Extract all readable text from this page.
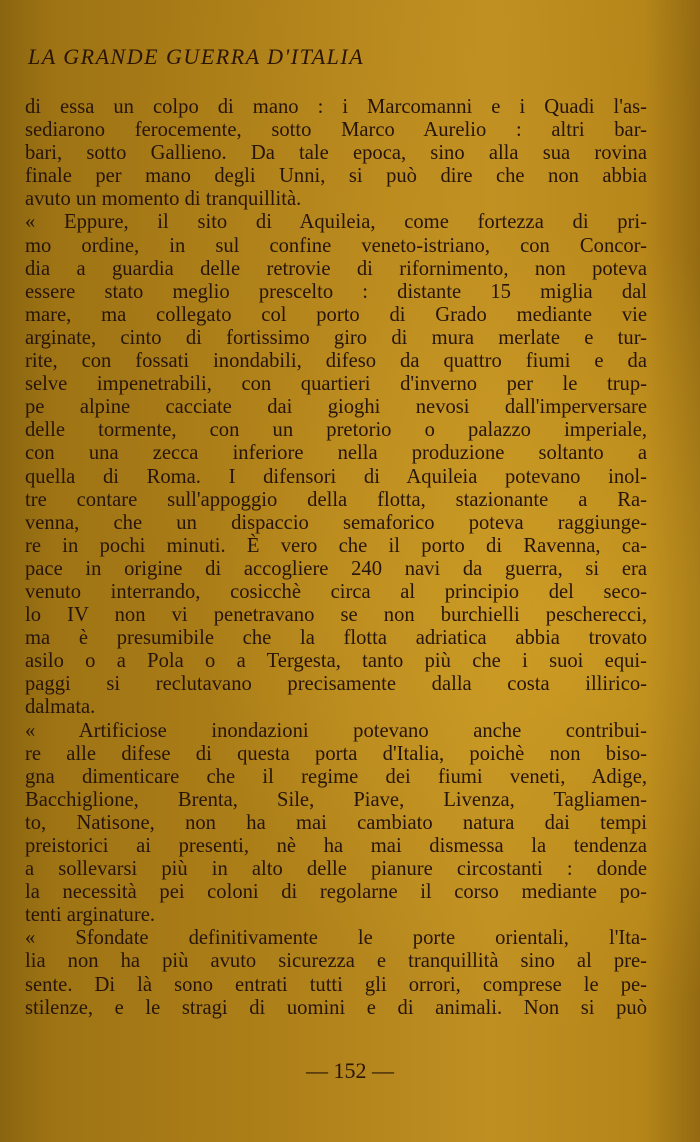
LA GRANDE GUERRA D'ITALIA
di essa un colpo di mano : i Marcomanni e i Quadi l'as-
sediarono ferocemente, sotto Marco Aurelio : altri bar-
bari, sotto Gallieno. Da tale epoca, sino alla sua rovina
finale per mano degli Unni, si può dire che non abbia
avuto un momento di tranquillità.
« Eppure, il sito di Aquileia, come fortezza di pri-
mo ordine, in sul confine veneto-istriano, con Concor-
dia a guardia delle retrovie di rifornimento, non poteva
essere stato meglio prescelto : distante 15 miglia dal
mare, ma collegato col porto di Grado mediante vie
arginate, cinto di fortissimo giro di mura merlate e tur-
rite, con fossati inondabili, difeso da quattro fiumi e da
selve impenetrabili, con quartieri d'inverno per le trup-
pe alpine cacciate dai gioghi nevosi dall'imperversare
delle tormente, con un pretorio o palazzo imperiale,
con una zecca inferiore nella produzione soltanto a
quella di Roma. I difensori di Aquileia potevano inol-
tre contare sull'appoggio della flotta, stazionante a Ra-
venna, che un dispaccio semaforico poteva raggiunge-
re in pochi minuti. È vero che il porto di Ravenna, ca-
pace in origine di accogliere 240 navi da guerra, si era
venuto interrando, cosicchè circa al principio del seco-
lo IV non vi penetravano se non burchielli pescherecci,
ma è presumibile che la flotta adriatica abbia trovato
asilo o a Pola o a Tergesta, tanto più che i suoi equi-
paggi si reclutavano precisamente dalla costa illirico-
dalmata.
« Artificiose inondazioni potevano anche contribui-
re alle difese di questa porta d'Italia, poichè non biso-
gna dimenticare che il regime dei fiumi veneti, Adige,
Bacchiglione, Brenta, Sile, Piave, Livenza, Tagliamen-
to, Natisone, non ha mai cambiato natura dai tempi
preistorici ai presenti, nè ha mai dismessa la tendenza
a sollevarsi più in alto delle pianure circostanti : donde
la necessità pei coloni di regolarne il corso mediante po-
tenti arginature.
« Sfondate definitivamente le porte orientali, l'Ita-
lia non ha più avuto sicurezza e tranquillità sino al pre-
sente. Di là sono entrati tutti gli orrori, comprese le pe-
stilenze, e le stragi di uomini e di animali. Non si può
— 152 —
